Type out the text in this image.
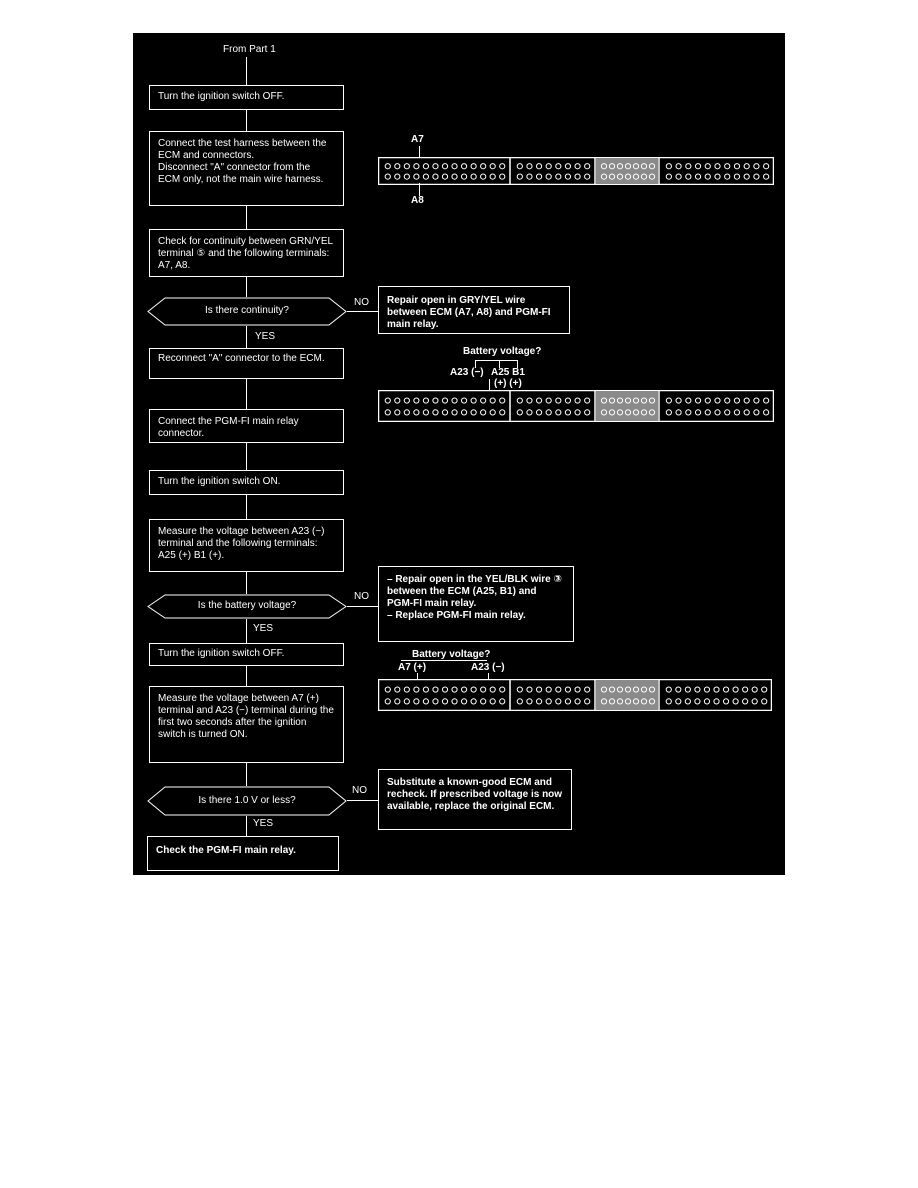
From Part 1
Turn the ignition switch OFF.
Connect the test harness between the ECM and connectors.
Disconnect "A" connector from the ECM only, not the main wire harness.
Check for continuity between GRN/YEL terminal ⑤ and the following terminals: A7, A8.
Reconnect "A" connector to the ECM.
Connect the PGM-FI main relay connector.
Turn the ignition switch ON.
Measure the voltage between A23 (−) terminal and the following terminals: A25 (+) B1 (+).
Turn the ignition switch OFF.
Measure the voltage between A7 (+) terminal and A23 (−) terminal during the first two seconds after the ignition switch is turned ON.
Check the PGM-FI main relay.
Is there continuity?
Is the battery voltage?
Is there 1.0 V or less?
YES
YES
YES
NO	Repair open in GRY/YEL wire between ECM (A7, A8) and PGM-FI main relay.
NO
– Repair open in the YEL/BLK wire ③ between the ECM (A25, B1) and PGM-FI main relay.
– Replace PGM-FI main relay.
NO
Substitute a known-good ECM and recheck. If prescribed voltage is now available, replace the original ECM.
A7
A8
Battery voltage?
A23 (−) A25 B1
(+) (+)
Battery voltage?
A7 (+)	A23 (−)
